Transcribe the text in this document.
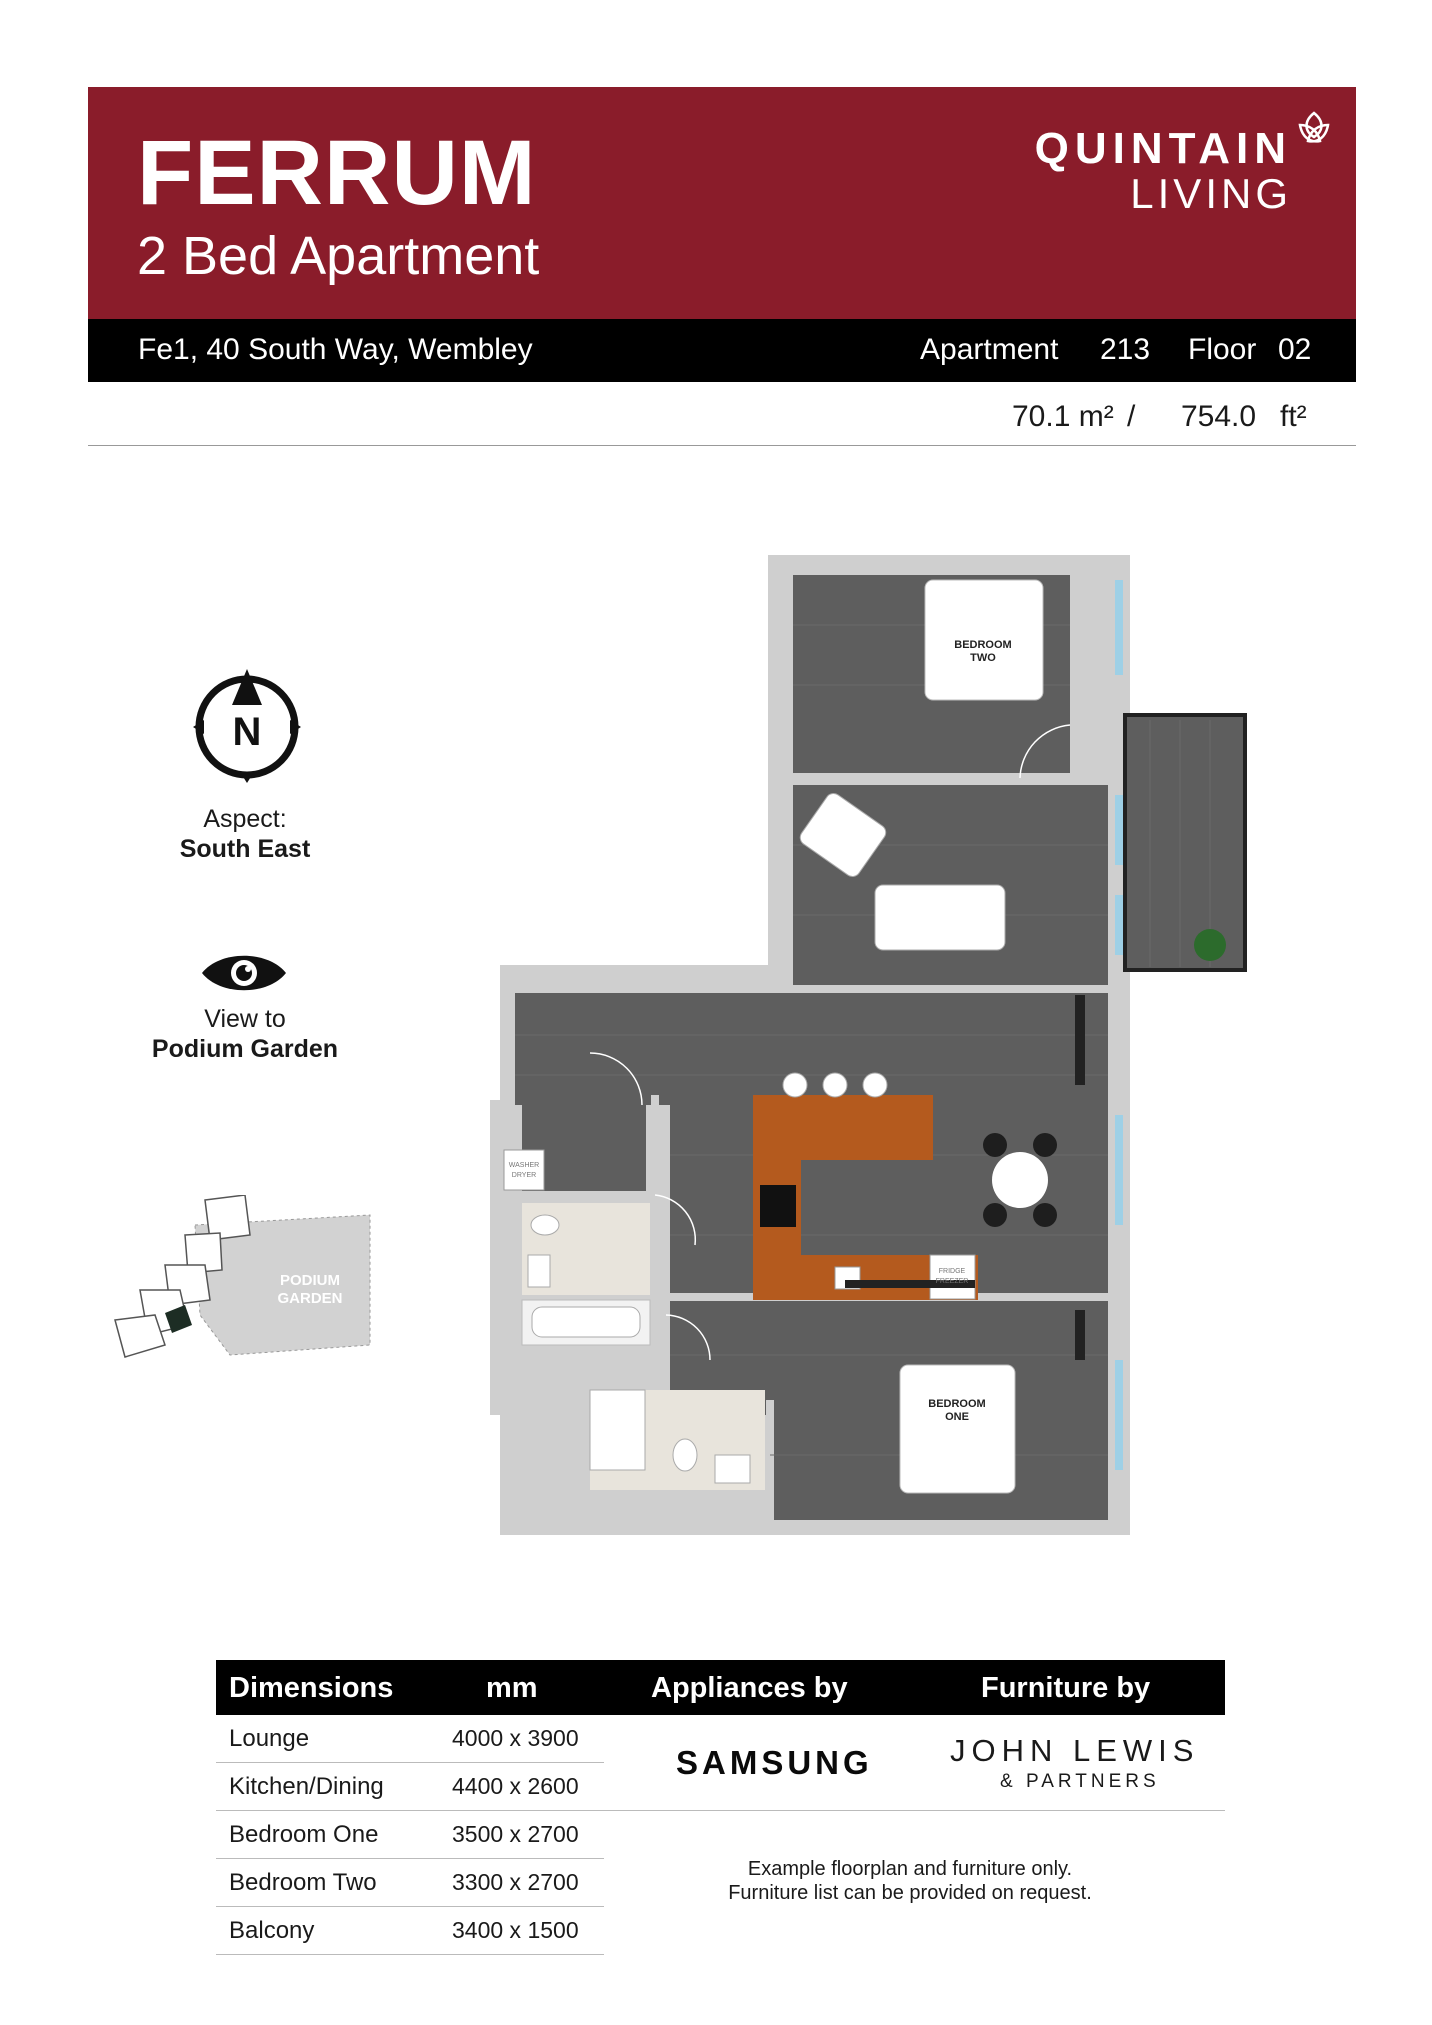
FERRUM
2 Bed Apartment
QUINTAIN
LIVING
Fe1, 40 South Way, Wembley	Apartment 213 Floor 02
70.1 m² / 754.0 ft²
N
Aspect:
South East
View to
Podium Garden
PODIUM
GARDEN
BEDROOM
TWO
BEDROOM
ONE
WASHER
DRYER
FRIDGE
FREEZER
Dimensions	mm	Appliances by	Furniture by
Lounge	4000 x 3900
Kitchen/Dining	4400 x 2600
Bedroom One	3500 x 2700
Bedroom Two	3300 x 2700
Balcony	3400 x 1500
SAMSUNG JOHN LEWIS
& PARTNERS
Example floorplan and furniture only.
Furniture list can be provided on request.
